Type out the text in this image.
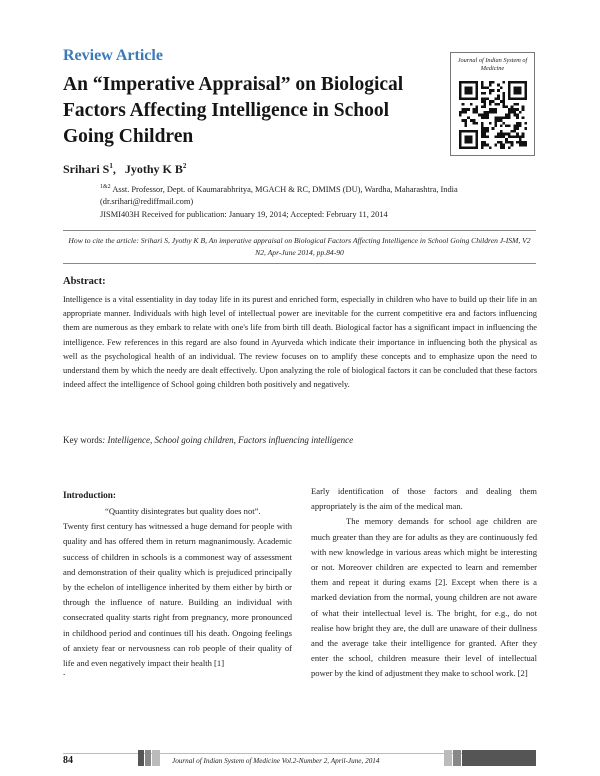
Review Article
An “Imperative Appraisal” on Biological Factors Affecting Intelligence in School Going Children
Srihari $S^1$,   Jyothy K $B^2$
$^{1\&2}$ Asst. Professor, Dept. of Kaumarabhritya, MGACH & RC, DMIMS (DU), Wardha, Maharashtra, India
(dr.srihari@rediffmail.com)
JISMI403H Received for publication: January 19, 2014; Accepted: February 11, 2014
Journal of Indian System of Medicine
How to cite the article: Srihari S, Jyothy K B, An imperative appraisal on Biological Factors Affecting Intelligence in School Going Children J-ISM, V2 N2, Apr-June 2014, pp.84-90
Abstract:
Intelligence is a vital essentiality in day today life in its purest and enriched form, especially in children who have to build up their life in an appropriate manner. Individuals with high level of intellectual power are inevitable for the current competitive era and factors influencing them are numerous as they embark to relate with one's life from birth till death. Biological factor has a significant impact in influencing the intelligence. Few references in this regard are also found in Ayurveda which indicate their importance in influencing both the physical as well as the psychological health of an individual. The review focuses on to amplify these concepts and to emphasize upon the need to understand them by which the needy are dealt effectively. Upon analyzing the role of biological factors it can be concluded that these factors indeed affect the intelligence of School going children both positively and negatively.
Key words: Intelligence, School going children, Factors influencing intelligence
Introduction:

“Quantity disintegrates but quality does not”.

Twenty first century has witnessed a huge demand for people with quality and has offered them in return magnanimously. Academic success of children in schools is a commonest way of assessment and demonstration of their quality which is prejudiced principally by the echelon of intelligence inherited by them either by birth or through the influence of nature. Building an individual with consecrated quality starts right from pregnancy, more pronounced in childhood period and continues till his death. Ongoing feelings of anxiety fear or nervousness can rob people of their quality of life and even negatively impact their health [1]

.

Early identification of those factors and dealing them appropriately is the aim of the medical man.

The memory demands for school age children are much greater than they are for adults as they are continuously fed with new knowledge in various areas which might be interesting or not. Moreover children are expected to learn and remember them and repeat it during exams [2]. Except when there is a marked deviation from the normal, young children are not aware of what their intellectual level is. The bright, for e.g., do not realise how bright they are, the dull are unaware of their dullness and the average take their intelligence for granted. After they enter the school, children measure their level of intellectual power by the kind of adjustment they make to school work. [2]

84	Journal of Indian System of Medicine Vol.2-Number 2, April-June, 2014
